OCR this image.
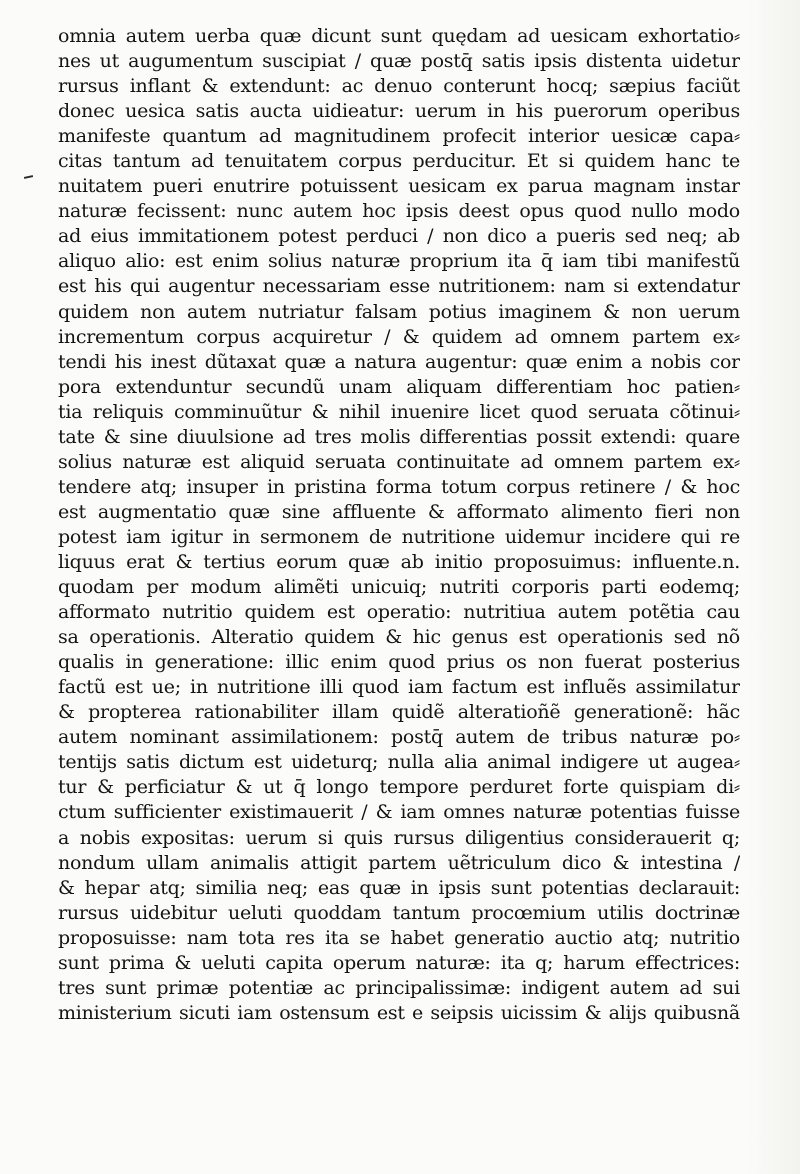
omnia autem uerba quæ dicunt sunt quędam ad uesicam exhortatio⸗
nes ut augumentum suscipiat / quæ postq̄ satis ipsis distenta uidetur
rursus inflant & extendunt: ac denuo conterunt hocq; sæpius faciũt
donec uesica satis aucta uidieatur: uerum in his puerorum operibus
manifeste quantum ad magnitudinem profecit interior uesicæ capa⸗
citas tantum ad tenuitatem corpus perducitur. Et si quidem hanc te
nuitatem pueri enutrire potuissent uesicam ex parua magnam instar
naturæ fecissent: nunc autem hoc ipsis deest opus quod nullo modo
ad eius immitationem potest perduci / non dico a pueris sed neq; ab
aliquo alio: est enim solius naturæ proprium ita q̄ iam tibi manifestũ
est his qui augentur necessariam esse nutritionem: nam si extendatur
quidem non autem nutriatur falsam potius imaginem & non uerum
incrementum corpus acquiretur / & quidem ad omnem partem ex⸗
tendi his inest dũtaxat quæ a natura augentur: quæ enim a nobis cor
pora extenduntur secundũ unam aliquam differentiam hoc patien⸗
tia reliquis comminuũtur & nihil inuenire licet quod seruata cõtinui⸗
tate & sine diuulsione ad tres molis differentias possit extendi: quare
solius naturæ est aliquid seruata continuitate ad omnem partem ex⸗
tendere atq; insuper in pristina forma totum corpus retinere / & hoc
est augmentatio quæ sine affluente & afformato alimento fieri non
potest iam igitur in sermonem de nutritione uidemur incidere qui re
liquus erat & tertius eorum quæ ab initio proposuimus: influente.n.
quodam per modum alimẽti unicuiq; nutriti corporis parti eodemq;
afformato nutritio quidem est operatio: nutritiua autem potẽtia cau
sa operationis. Alteratio quidem & hic genus est operationis sed nõ
qualis in generatione: illic enim quod prius os non fuerat posterius
factũ est ue; in nutritione illi quod iam factum est influẽs assimilatur
& propterea rationabiliter illam quidẽ alteratioñẽ generationẽ: hãc
autem nominant assimilationem: postq̄ autem de tribus naturæ po⸗
tentijs satis dictum est uideturq; nulla alia animal indigere ut augea⸗
tur & perficiatur & ut q̄ longo tempore perduret forte quispiam di⸗
ctum sufficienter existimauerit / & iam omnes naturæ potentias fuisse
a nobis expositas: uerum si quis rursus diligentius considerauerit q;
nondum ullam animalis attigit partem uẽtriculum dico & intestina /
& hepar atq; similia neq; eas quæ in ipsis sunt potentias declarauit:
rursus uidebitur ueluti quoddam tantum procœmium utilis doctrinæ
proposuisse: nam tota res ita se habet generatio auctio atq; nutritio
sunt prima & ueluti capita operum naturæ: ita q; harum effectrices:
tres sunt primæ potentiæ ac principalissimæ: indigent autem ad sui
ministerium sicuti iam ostensum est e seipsis uicissim & alijs quibusnã
